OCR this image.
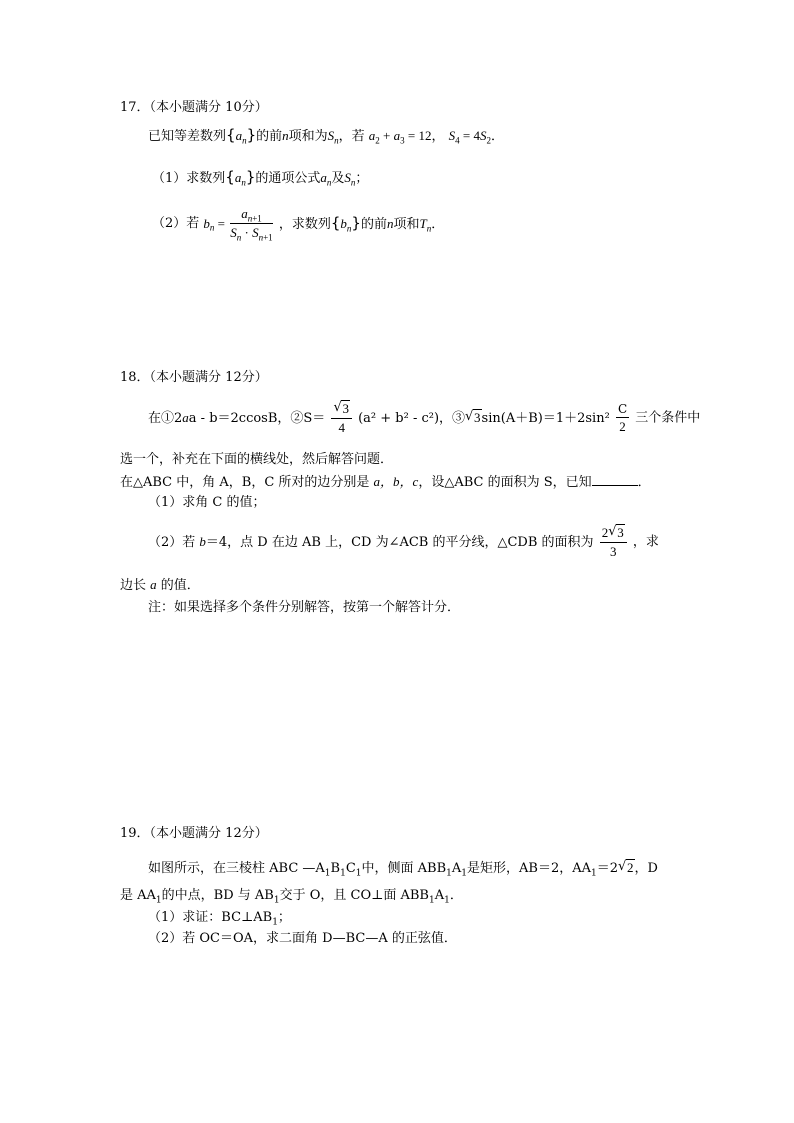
17．（本小题满分 10分）
已知等差数列$\{a_n\}$的前n项和为$S_n$，若 $a_2 + a_3 = 12$， $S_4 = 4S_2$．
（1）求数列$\{a_n\}$的通项公式$a_n$及$S_n$；
（2）若 $b_n = \frac{a_{n+1}}{S_n \cdot S_{n+1}}$ ，求数列$\{b_n\}$的前n项和$T_n$．
18．（本小题满分 12分）
在①2aa - b＝2ccosB，②S＝ $\frac{√ 3}{4} (a^2 + b^2 - c^2)$，③ √ $3\sin(A+B)=1+2\sin^2 \frac{C}{2}$ 三个条件中
选一个，补充在下面的横线处，然后解答问题．
在△ABC 中，角 A，B，C 所对的边分别是 a，b，c，设△ABC 的面积为 S，已知	．
（1）求角 C 的值；
（2）若 b＝4，点 D 在边 AB 上，CD 为∠ACB 的平分线，△CDB 的面积为 $\frac{2 √ 3}{3}$ ，求
边长 a 的值．
注：如果选择多个条件分别解答，按第一个解答计分．
19．（本小题满分 12分）
如图所示，在三棱柱 ABC $—A_1B_1C_1$中，侧面 $ABB_1A_1$是矩形，AB＝2，$AA_1=2$ √ 2，D
是 $AA_1$的中点，BD 与 $AB_1$交于 O，且 CO⊥面 $ABB_1A_1$．
（1）求证：$BC\perp AB_1$；
（2）若 OC＝OA，求二面角 D—BC—A 的正弦值．
